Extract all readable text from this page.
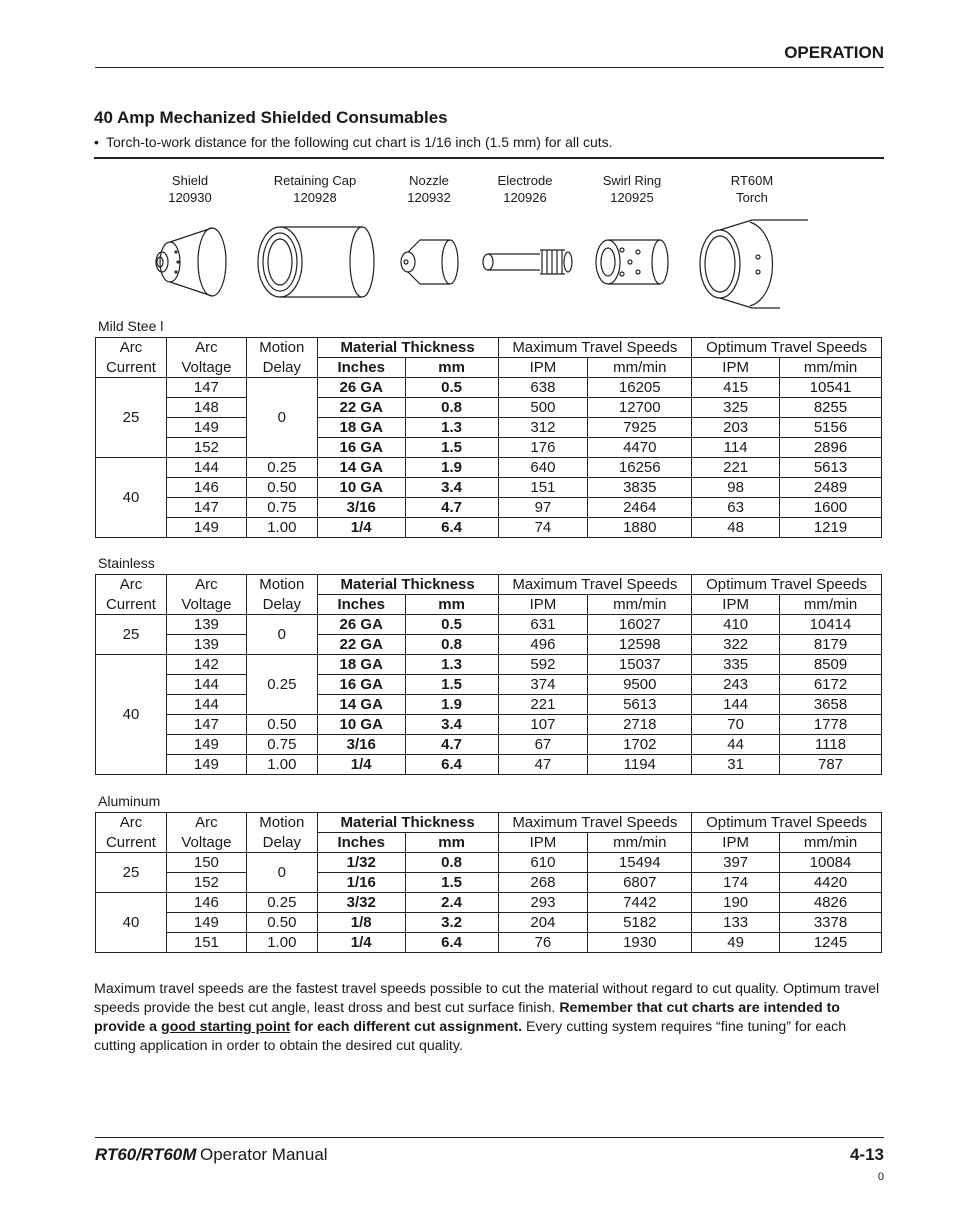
OPERATION
40 Amp Mechanized Shielded Consumables
• Torch-to-work distance for the following cut chart is 1/16 inch (1.5 mm) for all cuts.
Shield
120930
Retaining Cap
120928
Nozzle
120932
Electrode
120926
Swirl Ring
120925
RT60M
Torch
Mild Stee l
Arc	Arc	Motion	Material Thickness		Maximum Travel Speeds		Optimum Travel Speeds	
Current	Voltage	Delay	Inches	mm	IPM	mm/min	IPM	mm/min
25	147	0	26 GA	0.5	638	16205	415	10541
	148		22 GA	0.8	500	12700	325	8255
	149		18 GA	1.3	312	7925	203	5156
	152		16 GA	1.5	176	4470	114	2896
40	144	0.25	14 GA	1.9	640	16256	221	5613
	146	0.50	10 GA	3.4	151	3835	98	2489
	147	0.75	3/16	4.7	97	2464	63	1600
	149	1.00	1/4	6.4	74	1880	48	1219
Stainless
Arc	Arc	Motion	Material Thickness		Maximum Travel Speeds		Optimum Travel Speeds	
Current	Voltage	Delay	Inches	mm	IPM	mm/min	IPM	mm/min
25	139	0	26 GA	0.5	631	16027	410	10414
	139		22 GA	0.8	496	12598	322	8179
40	142	0.25	18 GA	1.3	592	15037	335	8509
	144		16 GA	1.5	374	9500	243	6172
	144		14 GA	1.9	221	5613	144	3658
	147	0.50	10 GA	3.4	107	2718	70	1778
	149	0.75	3/16	4.7	67	1702	44	1118
	149	1.00	1/4	6.4	47	1194	31	787
Aluminum
Arc	Arc	Motion	Material Thickness		Maximum Travel Speeds		Optimum Travel Speeds	
Current	Voltage	Delay	Inches	mm	IPM	mm/min	IPM	mm/min
25	150	0	1/32	0.8	610	15494	397	10084
	152		1/16	1.5	268	6807	174	4420
40	146	0.25	3/32	2.4	293	7442	190	4826
	149	0.50	1/8	3.2	204	5182	133	3378
	151	1.00	1/4	6.4	76	1930	49	1245
Maximum travel speeds are the fastest travel speeds possible to cut the material without regard to cut quality. Optimum travel speeds provide the best cut angle, least dross and best cut surface finish. Remember that cut charts are intended to provide a good starting point for each different cut assignment. Every cutting system requires “fine tuning” for each cutting application in order to obtain the desired cut quality.
RT60/RT60M Operator Manual	4-13
0
